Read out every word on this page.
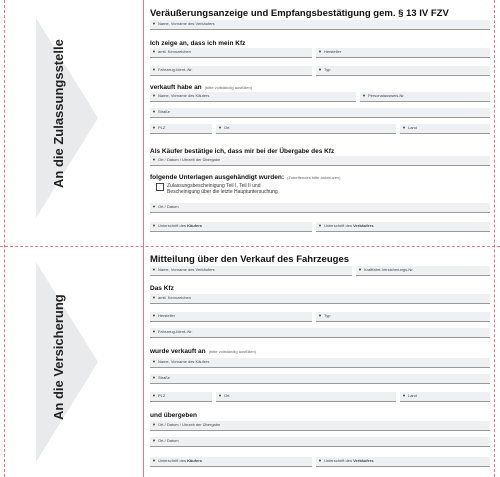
An die Zulassungsstelle
An die Versicherung
Veräußerungsanzeige und Empfangsbestätigung gem. § 13 IV FZV
▼ Name, Vorname des Verkäufers
Ich zeige an, dass ich mein Kfz
▼ amtl. Kennzeichen	▼ Hersteller
▼ Fahrzeug-Ident.-Nr.	▼ Typ
verkauft habe an (bitte vollständig ausfüllen)
▼ Name, Vorname des Käufers	▼ Personalausweis-Nr.
▼ Straße
▼ PLZ	▼ Ort	▼ Land
Als Käufer bestätige ich, dass mir bei der Übergabe des Kfz
▼ Ort / Datum / Uhrzeit der Übergabe
folgende Unterlagen ausgehändigt wurden: (Zutreffendes bitte ankreuzen)
Zulassungsbescheinigung Teil I, Teil II und
Bescheinigung über die letzte Hauptuntersuchung
▼ Ort / Datum
▼ Unterschrift des Käufers	▼ Unterschrift des Verkäufers
Mitteilung über den Verkauf des Fahrzeuges
▼ Name, Vorname des Verkäufers	▼ Kraftfahrt-Versicherungs-Nr.
Das Kfz
▼ amtl. Kennzeichen
▼ Hersteller	▼ Typ
▼ Fahrzeug-Ident.-Nr.
wurde verkauft an (bitte vollständig ausfüllen)
▼ Name, Vorname des Käufers
▼ Straße
▼ PLZ	▼ Ort	▼ Land
und übergeben
▼ Ort / Datum / Uhrzeit der Übergabe
▼ Ort / Datum
▼ Unterschrift des Käufers	▼ Unterschrift des Verkäufers
